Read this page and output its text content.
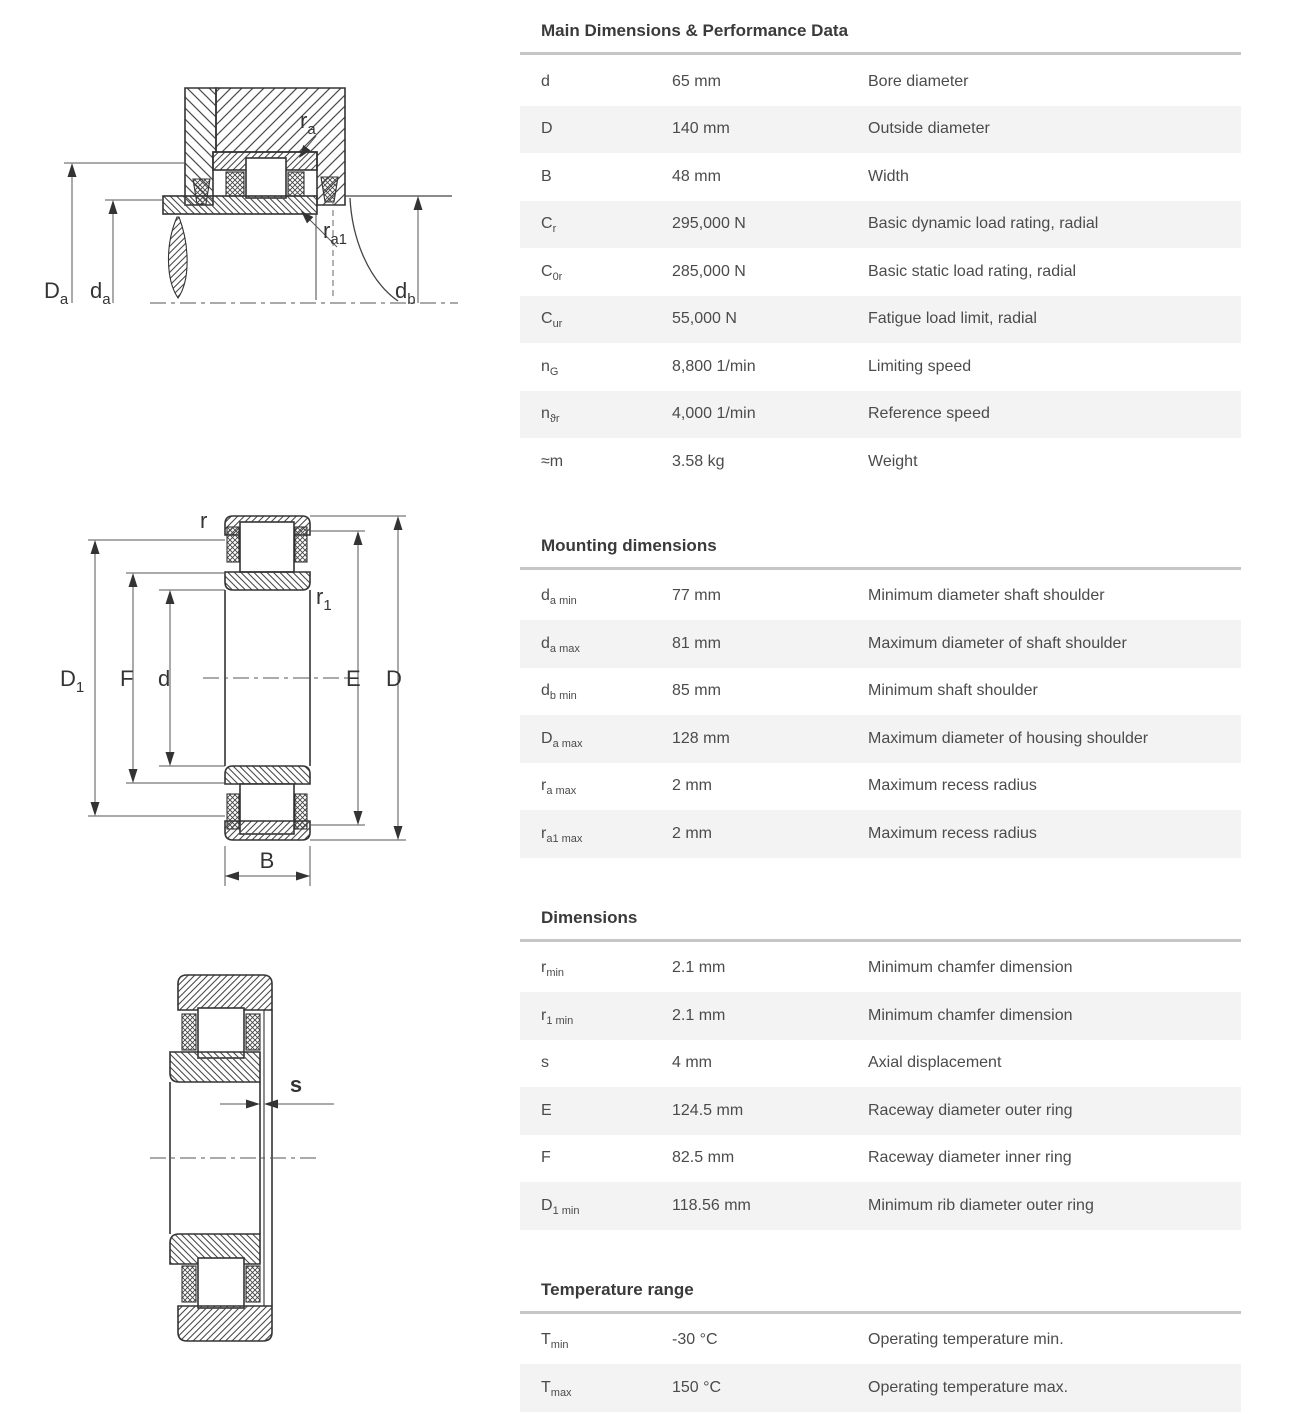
$D_a$ $d_a$	$d_b$
$r_a$
$r_{a1}$
$D_1$ F d	E D
r
$r_1$
B
s
Main Dimensions & Performance Data
d	65 mm	Bore diameter
D	140 mm	Outside diameter
B	48 mm	Width
$C_r$	295,000 N	Basic dynamic load rating, radial
$C_{0r}$	285,000 N	Basic static load rating, radial
$C_{ur}$	55,000 N	Fatigue load limit, radial
$n_G$	8,800 1/min	Limiting speed
$n_{ϑr}$	4,000 1/min	Reference speed
≈m	3.58 kg	Weight
Mounting dimensions
$d_{a min}$	77 mm	Minimum diameter shaft shoulder
$d_{a max}$	81 mm	Maximum diameter of shaft shoulder
$d_{b min}$	85 mm	Minimum shaft shoulder
$D_{a max}$	128 mm	Maximum diameter of housing shoulder
$r_{a max}$	2 mm	Maximum recess radius
$r_{a1 max}$	2 mm	Maximum recess radius
Dimensions
$r_{min}$	2.1 mm	Minimum chamfer dimension
$r_{1 min}$	2.1 mm	Minimum chamfer dimension
s	4 mm	Axial displacement
E	124.5 mm	Raceway diameter outer ring
F	82.5 mm	Raceway diameter inner ring
$D_{1 min}$	118.56 mm	Minimum rib diameter outer ring
Temperature range
$T_{min}$	-30 °C	Operating temperature min.
$T_{max}$	150 °C	Operating temperature max.
